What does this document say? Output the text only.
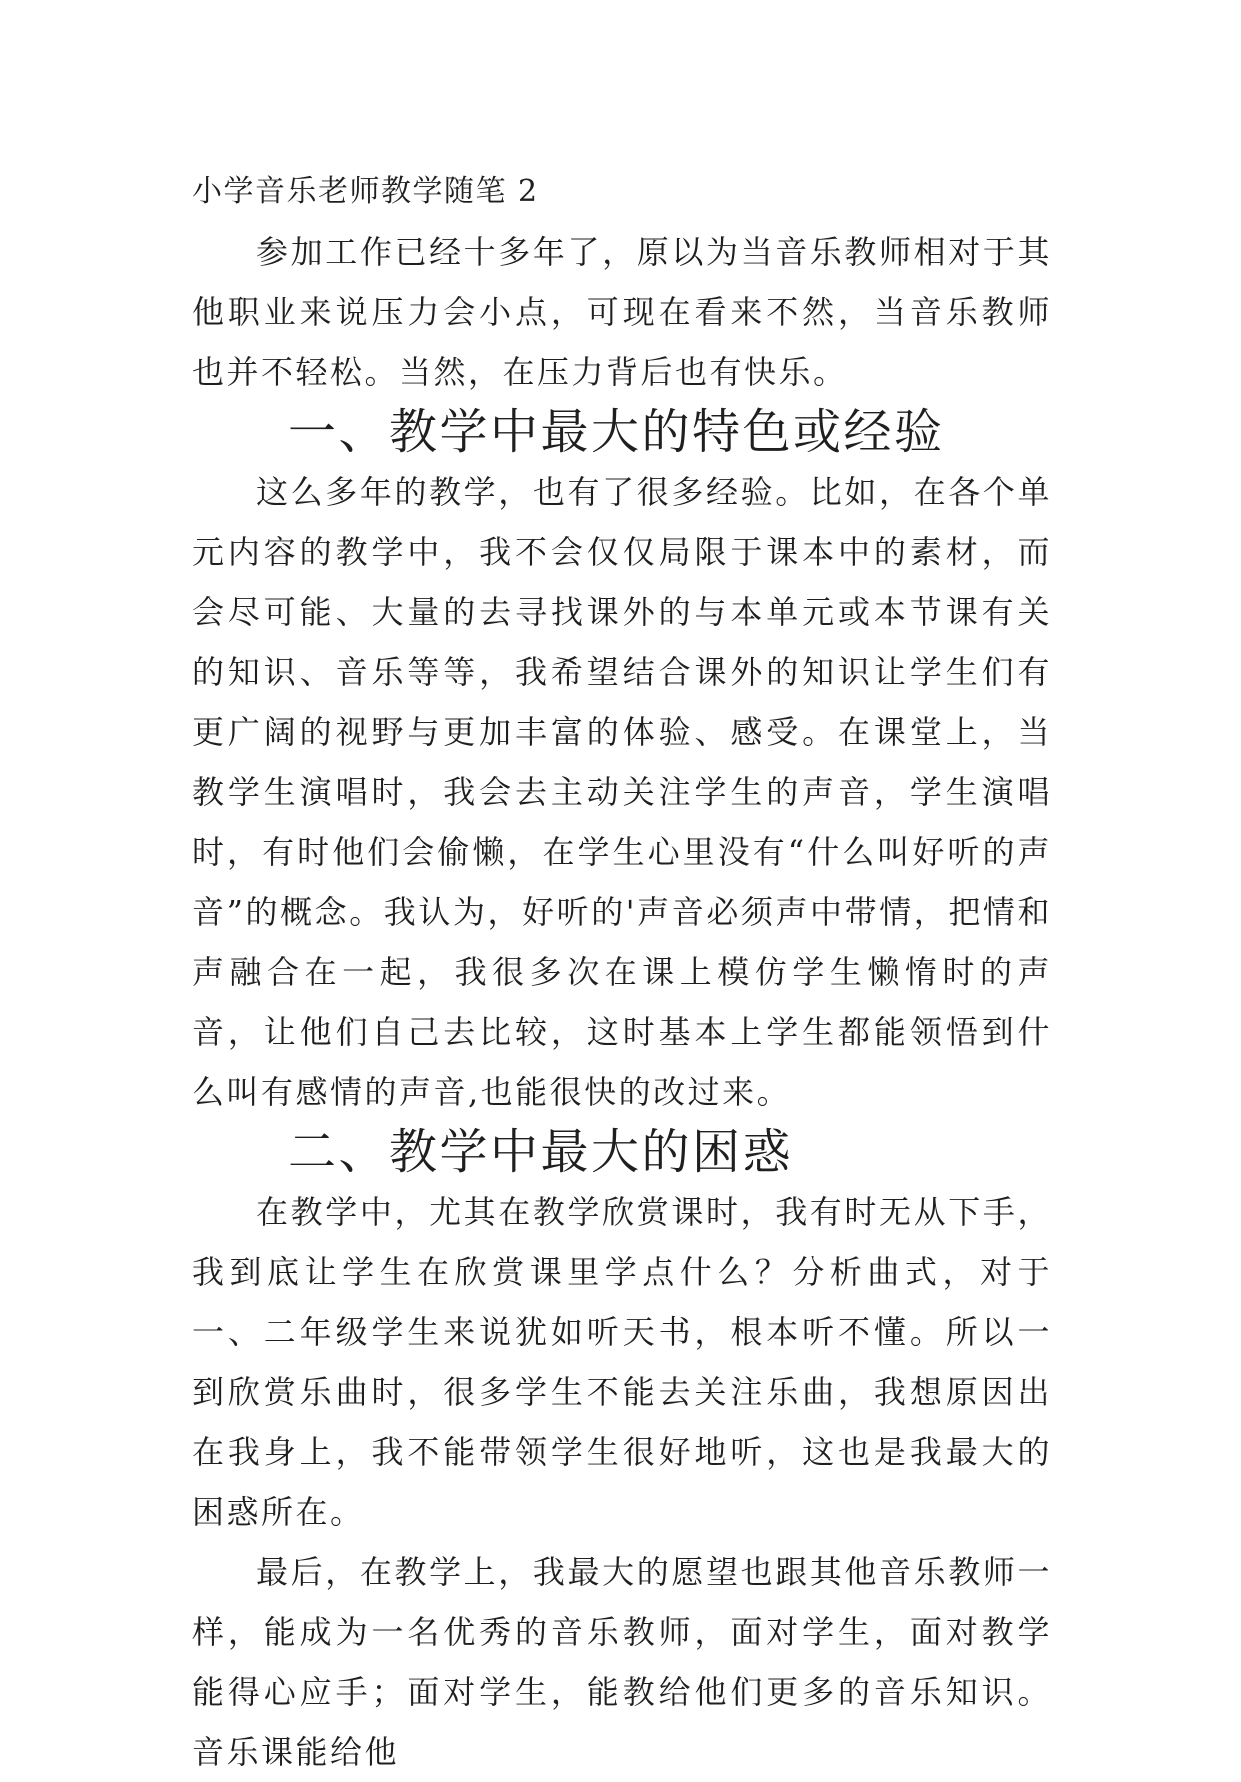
小学音乐老师教学随笔 2

参加工作已经十多年了，原以为当音乐教师相对于其他职业来说压力会小点，可现在看来不然，当音乐教师也并不轻松。当然，在压力背后也有快乐。

一、教学中最大的特色或经验

这么多年的教学，也有了很多经验。比如，在各个单元内容的教学中，我不会仅仅局限于课本中的素材，而会尽可能、大量的去寻找课外的与本单元或本节课有关的知识、音乐等等，我希望结合课外的知识让学生们有更广阔的视野与更加丰富的体验、感受。在课堂上，当教学生演唱时，我会去主动关注学生的声音，学生演唱时，有时他们会偷懒，在学生心里没有“什么叫好听的声音”的概念。我认为，好听的'声音必须声中带情，把情和声融合在一起，我很多次在课上模仿学生懒惰时的声音，让他们自己去比较，这时基本上学生都能领悟到什么叫有感情的声音,也能很快的改过来。

二、教学中最大的困惑

在教学中，尤其在教学欣赏课时，我有时无从下手，我到底让学生在欣赏课里学点什么？分析曲式，对于一、二年级学生来说犹如听天书，根本听不懂。所以一到欣赏乐曲时，很多学生不能去关注乐曲，我想原因出在我身上，我不能带领学生很好地听，这也是我最大的困惑所在。

最后，在教学上，我最大的愿望也跟其他音乐教师一样，能成为一名优秀的音乐教师，面对学生，面对教学能得心应手；面对学生，能教给他们更多的音乐知识。音乐课能给他
